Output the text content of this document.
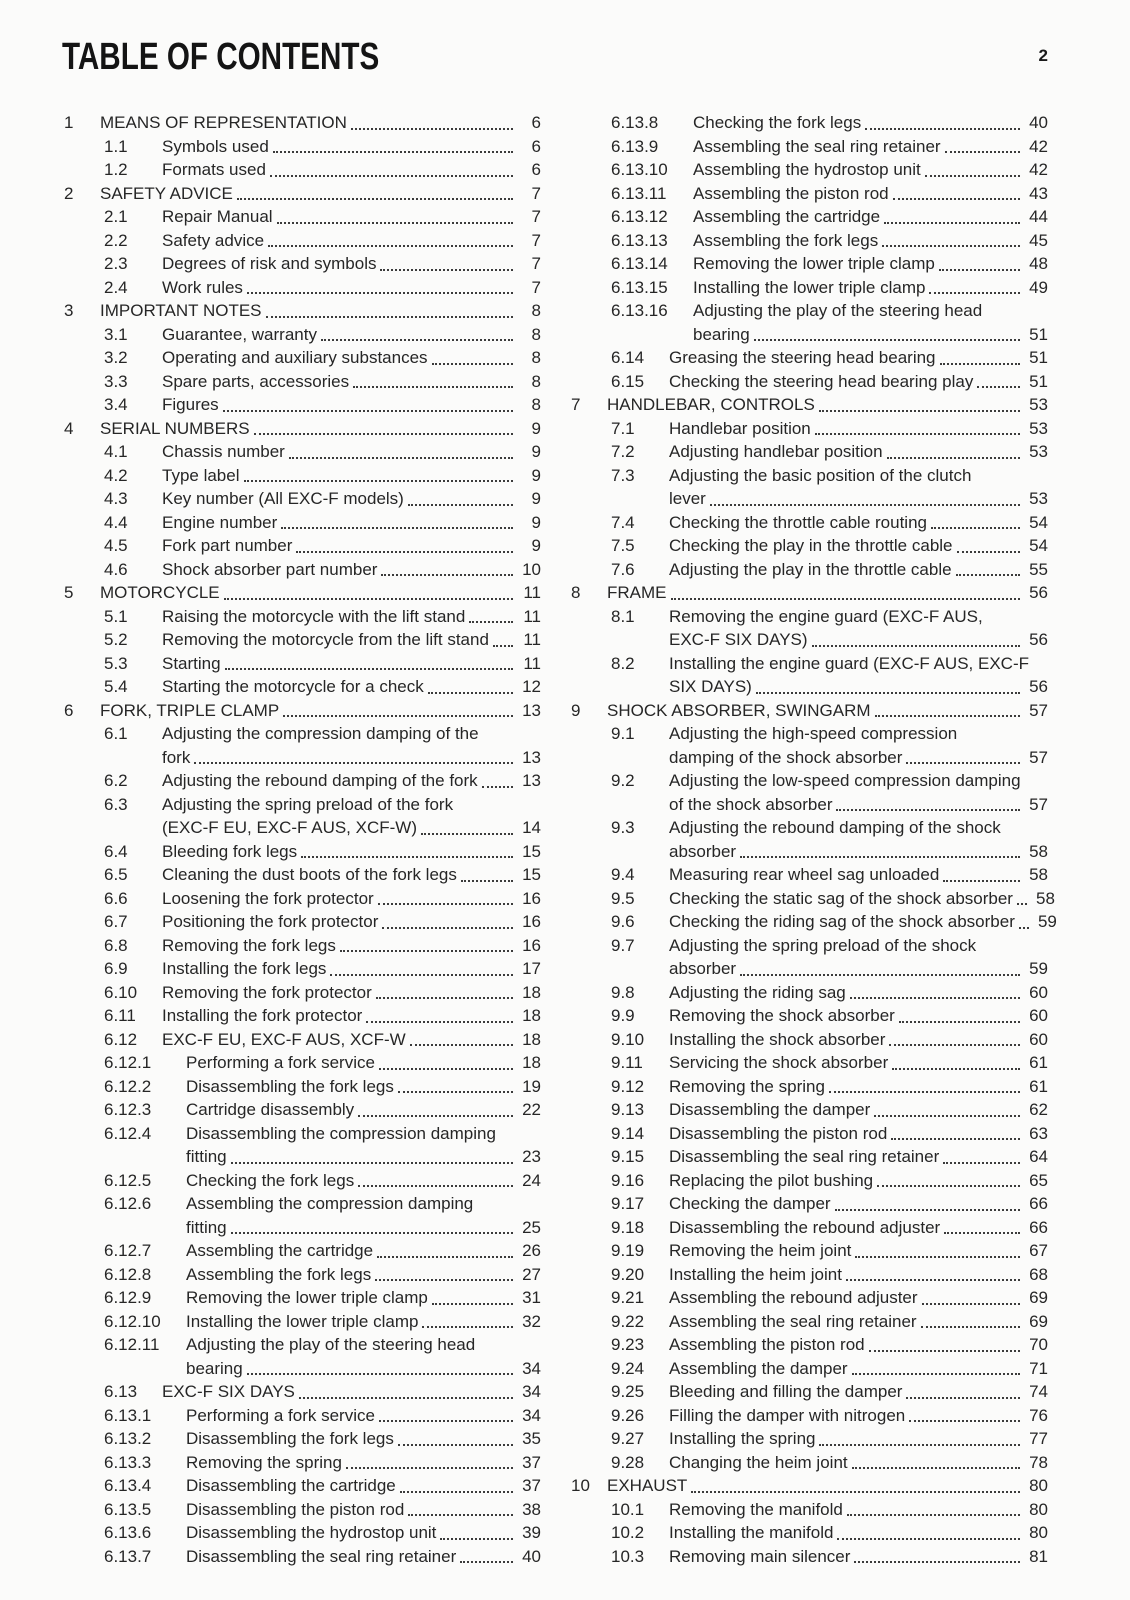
TABLE OF CONTENTS	2
1	MEANS OF REPRESENTATION	6
1.1	Symbols used	6
1.2	Formats used	6
2	SAFETY ADVICE	7
2.1	Repair Manual	7
2.2	Safety advice	7
2.3	Degrees of risk and symbols	7
2.4	Work rules	7
3	IMPORTANT NOTES	8
3.1	Guarantee, warranty	8
3.2	Operating and auxiliary substances	8
3.3	Spare parts, accessories	8
3.4	Figures	8
4	SERIAL NUMBERS	9
4.1	Chassis number	9
4.2	Type label	9
4.3	Key number (All EXC-F models)	9
4.4	Engine number	9
4.5	Fork part number	9
4.6	Shock absorber part number	10
5	MOTORCYCLE	11
5.1	Raising the motorcycle with the lift stand	11
5.2	Removing the motorcycle from the lift stand	11
5.3	Starting	11
5.4	Starting the motorcycle for a check	12
6	FORK, TRIPLE CLAMP	13
6.1	Adjusting the compression damping of the
fork	13
6.2	Adjusting the rebound damping of the fork	13
6.3	Adjusting the spring preload of the fork
(EXC-F EU, EXC-F AUS, XCF-W)	14
6.4	Bleeding fork legs	15
6.5	Cleaning the dust boots of the fork legs	15
6.6	Loosening the fork protector	16
6.7	Positioning the fork protector	16
6.8	Removing the fork legs	16
6.9	Installing the fork legs	17
6.10	Removing the fork protector	18
6.11	Installing the fork protector	18
6.12	EXC-F EU, EXC-F AUS, XCF-W	18
6.12.1	Performing a fork service	18
6.12.2	Disassembling the fork legs	19
6.12.3	Cartridge disassembly	22
6.12.4	Disassembling the compression damping
fitting	23
6.12.5	Checking the fork legs	24
6.12.6	Assembling the compression damping
fitting	25
6.12.7	Assembling the cartridge	26
6.12.8	Assembling the fork legs	27
6.12.9	Removing the lower triple clamp	31
6.12.10	Installing the lower triple clamp	32
6.12.11	Adjusting the play of the steering head
bearing	34
6.13	EXC-F SIX DAYS	34
6.13.1	Performing a fork service	34
6.13.2	Disassembling the fork legs	35
6.13.3	Removing the spring	37
6.13.4	Disassembling the cartridge	37
6.13.5	Disassembling the piston rod	38
6.13.6	Disassembling the hydrostop unit	39
6.13.7	Disassembling the seal ring retainer	40
6.13.8	Checking the fork legs	40
6.13.9	Assembling the seal ring retainer	42
6.13.10	Assembling the hydrostop unit	42
6.13.11	Assembling the piston rod	43
6.13.12	Assembling the cartridge	44
6.13.13	Assembling the fork legs	45
6.13.14	Removing the lower triple clamp	48
6.13.15	Installing the lower triple clamp	49
6.13.16	Adjusting the play of the steering head
bearing	51
6.14	Greasing the steering head bearing	51
6.15	Checking the steering head bearing play	51
7	HANDLEBAR, CONTROLS	53
7.1	Handlebar position	53
7.2	Adjusting handlebar position	53
7.3	Adjusting the basic position of the clutch
lever	53
7.4	Checking the throttle cable routing	54
7.5	Checking the play in the throttle cable	54
7.6	Adjusting the play in the throttle cable	55
8	FRAME	56
8.1	Removing the engine guard (EXC-F AUS,
EXC-F SIX DAYS)	56
8.2	Installing the engine guard (EXC-F AUS, EXC-F
SIX DAYS)	56
9	SHOCK ABSORBER, SWINGARM	57
9.1	Adjusting the high-speed compression
damping of the shock absorber	57
9.2	Adjusting the low-speed compression damping
of the shock absorber	57
9.3	Adjusting the rebound damping of the shock
absorber	58
9.4	Measuring rear wheel sag unloaded	58
9.5	Checking the static sag of the shock absorber 58
9.6	Checking the riding sag of the shock absorber 59
9.7	Adjusting the spring preload of the shock
absorber	59
9.8	Adjusting the riding sag	60
9.9	Removing the shock absorber	60
9.10	Installing the shock absorber	60
9.11	Servicing the shock absorber	61
9.12	Removing the spring	61
9.13	Disassembling the damper	62
9.14	Disassembling the piston rod	63
9.15	Disassembling the seal ring retainer	64
9.16	Replacing the pilot bushing	65
9.17	Checking the damper	66
9.18	Disassembling the rebound adjuster	66
9.19	Removing the heim joint	67
9.20	Installing the heim joint	68
9.21	Assembling the rebound adjuster	69
9.22	Assembling the seal ring retainer	69
9.23	Assembling the piston rod	70
9.24	Assembling the damper	71
9.25	Bleeding and filling the damper	74
9.26	Filling the damper with nitrogen	76
9.27	Installing the spring	77
9.28	Changing the heim joint	78
10	EXHAUST	80
10.1	Removing the manifold	80
10.2	Installing the manifold	80
10.3	Removing main silencer	81
